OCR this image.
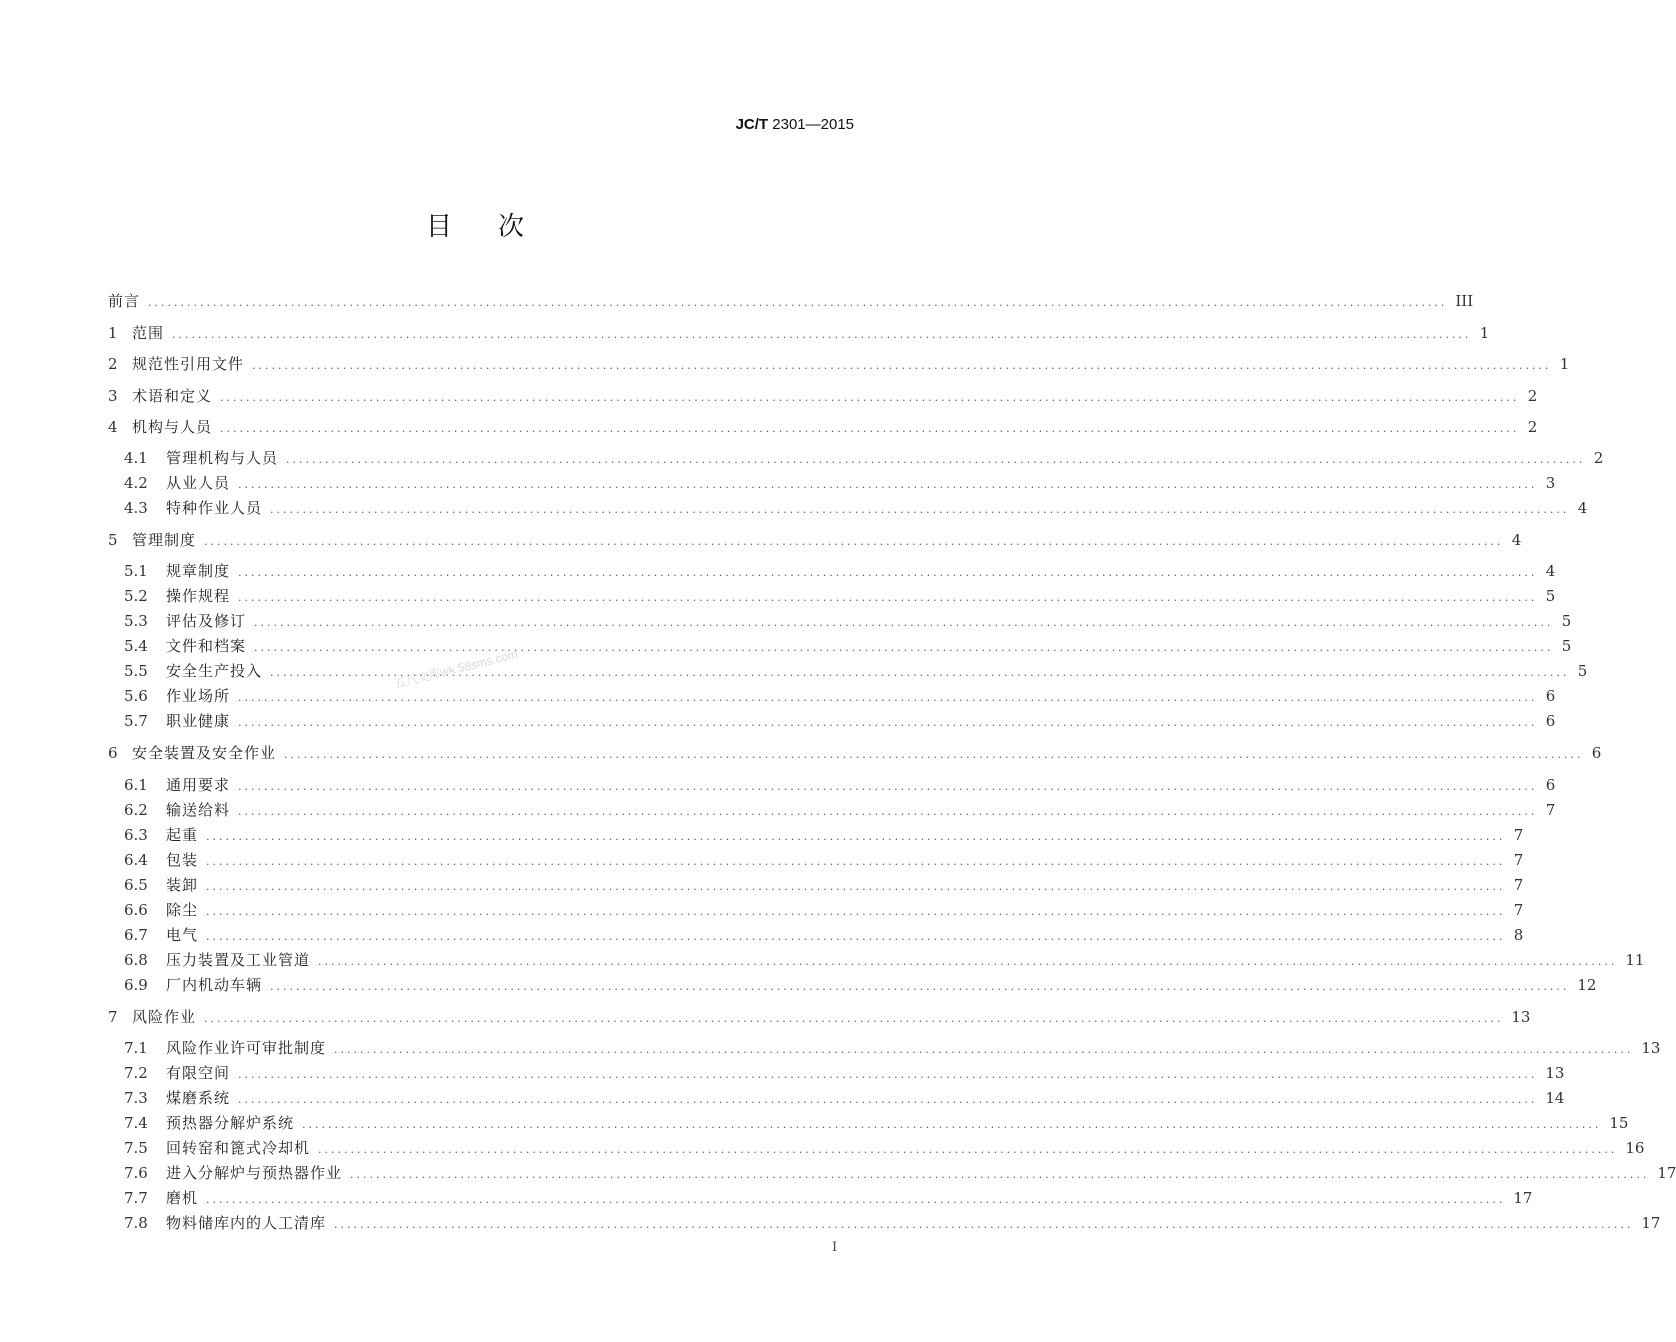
JC/T 2301—2015
目次
前言 ........................................................................................................................................................................................................ III
1 范围 ........................................................................................................................................................................................................ 1
2 规范性引用文件 ........................................................................................................................................................................................................ 1
3 术语和定义 ........................................................................................................................................................................................................ 2
4 机构与人员 ........................................................................................................................................................................................................ 2
4.1	管理机构与人员 ........................................................................................................................................................................................................ 2
4.2	从业人员 ........................................................................................................................................................................................................ 3
4.3	特种作业人员 ........................................................................................................................................................................................................ 4
5 管理制度 ........................................................................................................................................................................................................ 4
5.1	规章制度 ........................................................................................................................................................................................................ 4
5.2	操作规程 ........................................................................................................................................................................................................ 5
5.3	评估及修订 ........................................................................................................................................................................................................ 5
5.4	文件和档案 ........................................................................................................................................................................................................ 5
5.5	安全生产投入 ........................................................................................................................................................................................................ 5
5.6	作业场所 ........................................................................................................................................................................................................ 6
5.7	职业健康 ........................................................................................................................................................................................................ 6
6 安全装置及安全作业 ........................................................................................................................................................................................................ 6
6.1	通用要求 ........................................................................................................................................................................................................ 6
6.2	输送给料 ........................................................................................................................................................................................................ 7
6.3	起重 ........................................................................................................................................................................................................ 7
6.4	包装 ........................................................................................................................................................................................................ 7
6.5	装卸 ........................................................................................................................................................................................................ 7
6.6	除尘 ........................................................................................................................................................................................................ 7
6.7	电气 ........................................................................................................................................................................................................ 8
6.8	压力装置及工业管道 ........................................................................................................................................................................................................ 11
6.9	厂内机动车辆 ........................................................................................................................................................................................................ 12
7 风险作业 ........................................................................................................................................................................................................ 13
7.1	风险作业许可审批制度 ........................................................................................................................................................................................................ 13
7.2	有限空间 ........................................................................................................................................................................................................ 13
7.3	煤磨系统 ........................................................................................................................................................................................................ 14
7.4	预热器分解炉系统 ........................................................................................................................................................................................................ 15
7.5	回转窑和篦式冷却机 ........................................................................................................................................................................................................ 16
7.6	进入分解炉与预热器作业 ........................................................................................................................................................................................................ 17
7.7	磨机 ........................................................................................................................................................................................................ 17
7.8	物料储库内的人工清库 ........................................................................................................................................................................................................ 17
五八文库wk.58sms.com
I
